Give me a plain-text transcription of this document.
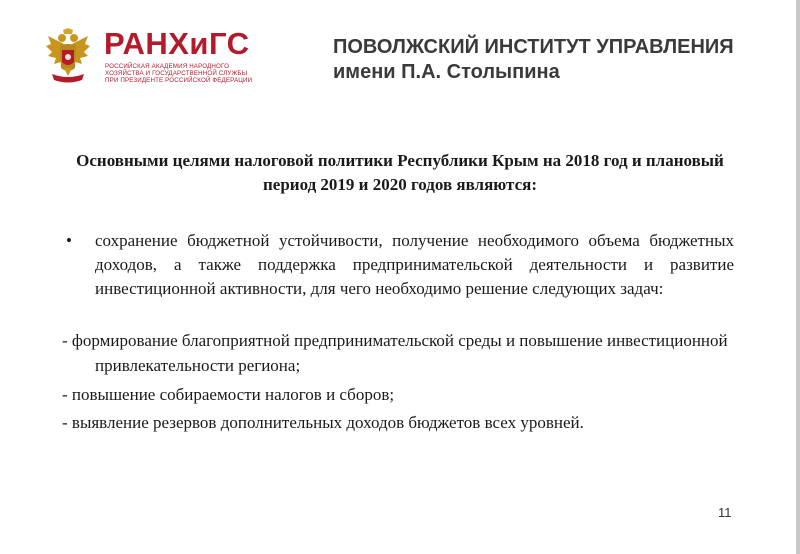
РАНХиГС
РОССИЙСКАЯ АКАДЕМИЯ НАРОДНОГО ХОЗЯЙСТВА И ГОСУДАРСТВЕННОЙ СЛУЖБЫ ПРИ ПРЕЗИДЕНТЕ РОССИЙСКОЙ ФЕДЕРАЦИИ
ПОВОЛЖСКИЙ ИНСТИТУТ УПРАВЛЕНИЯ
имени П.А. Столыпина
Основными целями налоговой политики Республики Крым на 2018 год и плановый период 2019 и 2020 годов являются:
• сохранение бюджетной устойчивости, получение необходимого объема бюджетных доходов, а также поддержка предпринимательской деятельности и развитие инвестиционной активности, для чего необходимо решение следующих задач:
- формирование благоприятной предпринимательской среды и повышение инвестиционной привлекательности региона;
- повышение собираемости налогов и сборов;
- выявление резервов дополнительных доходов бюджетов всех уровней.
11
